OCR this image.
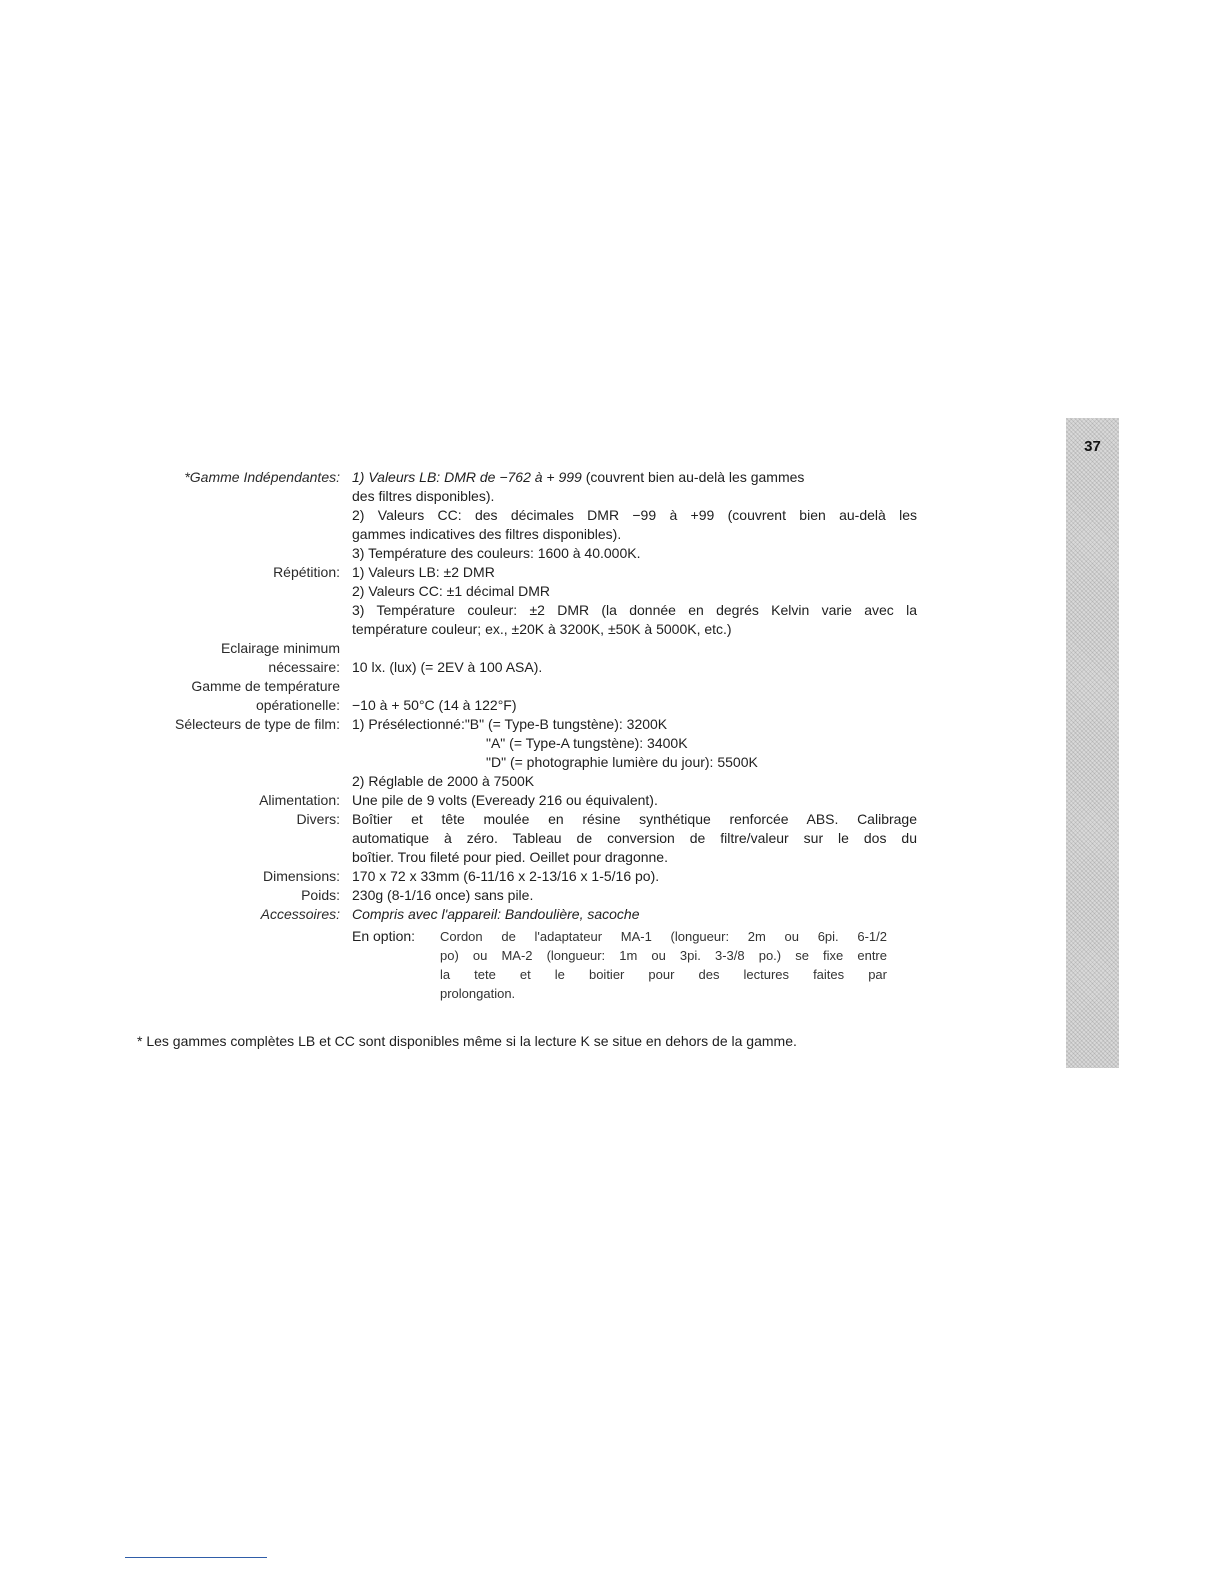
37
*Gamme Indépendantes: 1) Valeurs LB: DMR de −762 à + 999 (couvrent bien au-delà les gammes
des filtres disponibles).
2) Valeurs CC: des décimales DMR −99 à +99 (couvrent bien au-delà les
gammes indicatives des filtres disponibles).
3) Température des couleurs: 1600 à 40.000K.
Répétition: 1) Valeurs LB: ±2 DMR
2) Valeurs CC: ±1 décimal DMR
3) Température couleur: ±2 DMR (la donnée en degrés Kelvin varie avec la
température couleur; ex., ±20K à 3200K, ±50K à 5000K, etc.)
Eclairage minimum
nécessaire: 10 lx. (lux) (= 2EV à 100 ASA).
Gamme de température
opérationelle: −10 à + 50°C (14 à 122°F)
Sélecteurs de type de film: 1) Présélectionné:"B" (= Type-B tungstène): 3200K
"A" (= Type-A tungstène): 3400K
"D" (= photographie lumière du jour): 5500K
2) Réglable de 2000 à 7500K
Alimentation: Une pile de 9 volts (Eveready 216 ou équivalent).
Divers: Boîtier et tête moulée en résine synthétique renforcée ABS. Calibrage
automatique à zéro. Tableau de conversion de filtre/valeur sur le dos du
boîtier. Trou fileté pour pied. Oeillet pour dragonne.
Dimensions: 170 x 72 x 33mm (6-11/16 x 2-13/16 x 1-5/16 po).
Poids: 230g (8-1/16 once) sans pile.
Accessoires: Compris avec l'appareil: Bandoulière, sacoche
En option: Cordon de l'adaptateur MA-1 (longueur: 2m ou 6pi. 6-1/2
po) ou MA-2 (longueur: 1m ou 3pi. 3-3/8 po.) se fixe entre
la tete et le boitier pour des lectures faites par
prolongation.
* Les gammes complètes LB et CC sont disponibles même si la lecture K se situe en dehors de la gamme.
